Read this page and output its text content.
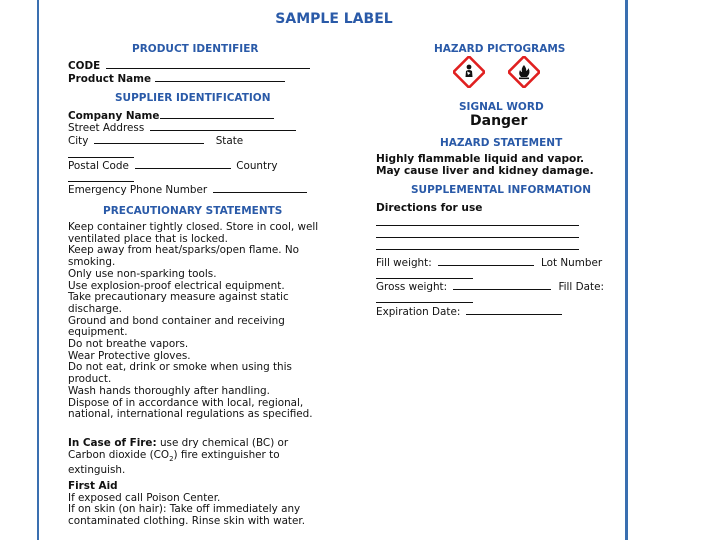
SAMPLE LABEL
PRODUCT IDENTIFIER
CODE
Product Name
SUPPLIER IDENTIFICATION
Company Name
Street Address
City	State
Postal Code	Country
Emergency Phone Number
PRECAUTIONARY STATEMENTS
Keep container tightly closed. Store in cool, well ventilated place that is locked.
Keep away from heat/sparks/open flame. No smoking.
Only use non-sparking tools.
Use explosion-proof electrical equipment.
Take precautionary measure against static discharge.
Ground and bond container and receiving equipment.
Do not breathe vapors.
Wear Protective gloves.
Do not eat, drink or smoke when using this product.
Wash hands thoroughly after handling.
Dispose of in accordance with local, regional, national, international regulations as specified.
In Case of Fire: use dry chemical (BC) or Carbon dioxide $(CO_2)$ fire extinguisher to extinguish.
First Aid
If exposed call Poison Center.
If on skin (on hair): Take off immediately any contaminated clothing. Rinse skin with water.
HAZARD PICTOGRAMS
SIGNAL WORD
Danger
HAZARD STATEMENT
Highly flammable liquid and vapor.
May cause liver and kidney damage.
SUPPLEMENTAL INFORMATION
Directions for use
Fill weight:	Lot Number
Gross weight:	Fill Date:
Expiration Date:
